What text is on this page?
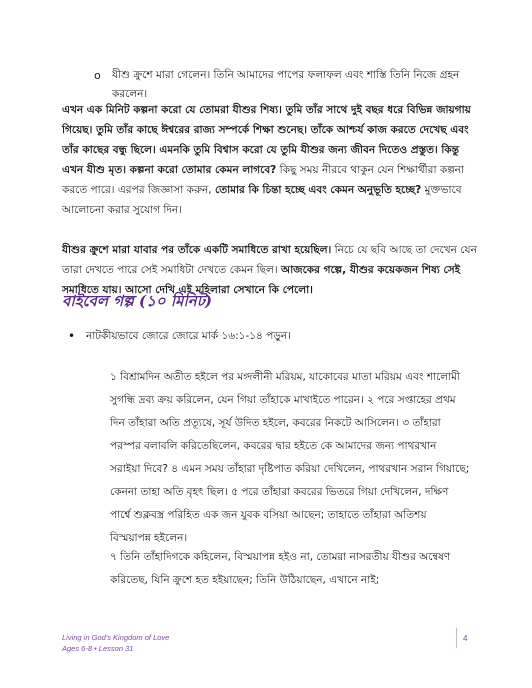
o যীশু ক্রুশে মারা গেলেন। তিনি আমাদের পাপের ফলাফল এবং শাস্তি তিনি নিজে গ্রহন করলেন।
এখন এক মিনিট কল্পনা করো যে তোমরা যীশুর শিষ্য। তুমি তাঁর সাথে দুই বছর ধরে বিভিন্ন জায়গায় গিয়েছ। তুমি তাঁর কাছে ঈশ্বরের রাজ্য সম্পর্কে শিক্ষা শুনেছ। তাঁকে আশ্চর্য কাজ করতে দেখেছ এবং তাঁর কাছের বন্ধু ছিলে। এমনকি তুমি বিশ্বাস করো যে তুমি যীশুর জন্য জীবন দিতেও প্রস্তুত। কিন্তু এখন যীশু মৃত। কল্পনা করো তোমার কেমন লাগবে? কিছু সময় নীরবে থাকুন যেন শিক্ষার্থীরা কল্পনা করতে পারে। এরপর জিজ্ঞাসা করুন, তোমার কি চিন্তা হচ্ছে এবং কেমন অনুভূতি হচ্ছে? মুক্তভাবে আলোচনা করার সুযোগ দিন।
যীশুর ক্রুশে মারা যাবার পর তাঁকে একটি সমাধিতে রাখা হয়েছিল। নিচে যে ছবি আছে তা দেখেন যেন তারা দেখতে পারে সেই সমাধিটা দেখতে কেমন ছিল। আজকের গল্পে, যীশুর কয়েকজন শিষ্য সেই সমাধিতে যায়। আসো দেখি এই মহিলারা সেখানে কি পেলো।
বাইবেল গল্প (১০ মিনিট)
• নাটকীয়ভাবে জোরে জোরে মার্ক ১৬:১-১৪ পড়ুন।
১ বিশ্রামদিন অতীত হইলে পর মগ্দলীনী মরিয়ম, যাকোবের মাতা মরিয়ম এবং শালোমী সুগন্ধি দ্রব্য ক্রয় করিলেন, যেন গিয়া তাঁহাকে মাখাইতে পারেন। ২ পরে সপ্তাহের প্রথম দিন তাঁহারা অতি প্রত্যূষে, সূর্য উদিত হইলে, কবরের নিকটে আসিলেন। ৩ তাঁহারা পরস্পর বলাবলি করিতেছিলেন, কবরের দ্বার হইতে কে আমাদের জন্য পাথরখান সরাইয়া দিবে? ৪ এমন সময় তাঁহারা দৃষ্টিপাত করিয়া দেখিলেন, পাথরখান সরান গিয়াছে; কেননা তাহা অতি বৃহৎ ছিল। ৫ পরে তাঁহারা কবরের ভিতরে গিয়া দেখিলেন, দক্ষিণ পার্শ্বে শুক্লবস্ত্র পরিহিত এক জন যুবক বসিয়া আছেন; তাহাতে তাঁহারা অতিশয় বিস্ময়াপন্ন হইলেন।
৭ তিনি তাঁহাদিগকে কহিলেন, বিস্ময়াপন্ন হইও না, তোমরা নাসরতীয় যীশুর অন্বেষণ করিতেছ, যিনি ক্রুশে হত হইয়াছেন; তিনি উঠিয়াছেন, এখানে নাই;
Living in God's Kingdom of Love
Ages 6-8 • Lesson 31
4
